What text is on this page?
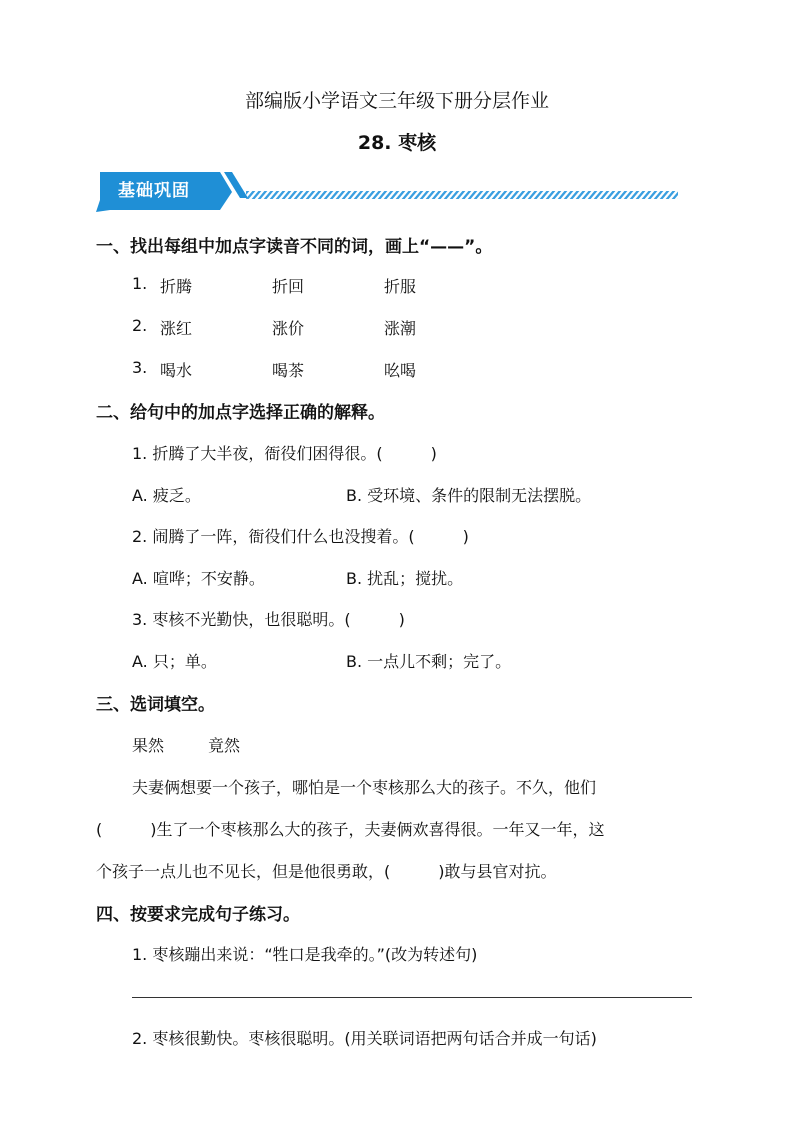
部编版小学语文三年级下册分层作业
28. 枣核
基础巩固
一、找出每组中加点字读音不同的词，画上“——”。
1. 折腾	折回	折服
2. 涨红	涨价	涨潮
3. 喝水	喝茶	吆喝
二、给句中的加点字选择正确的解释。
1. 折腾了大半夜，衙役们困得很。(　　　)
A. 疲乏。	B. 受环境、条件的限制无法摆脱。
2. 闹腾了一阵，衙役们什么也没搜着。(　　　)
A. 喧哗；不安静。	B. 扰乱；搅扰。
3. 枣核不光勤快，也很聪明。(　　　)
A. 只；单。	B. 一点儿不剩；完了。
三、选词填空。
果然	竟然
夫妻俩想要一个孩子，哪怕是一个枣核那么大的孩子。不久，他们
(　　　)生了一个枣核那么大的孩子，夫妻俩欢喜得很。一年又一年，这
个孩子一点儿也不见长，但是他很勇敢，(　　　)敢与县官对抗。
四、按要求完成句子练习。
1. 枣核蹦出来说：“牲口是我牵的。”(改为转述句)
2. 枣核很勤快。枣核很聪明。(用关联词语把两句话合并成一句话)
